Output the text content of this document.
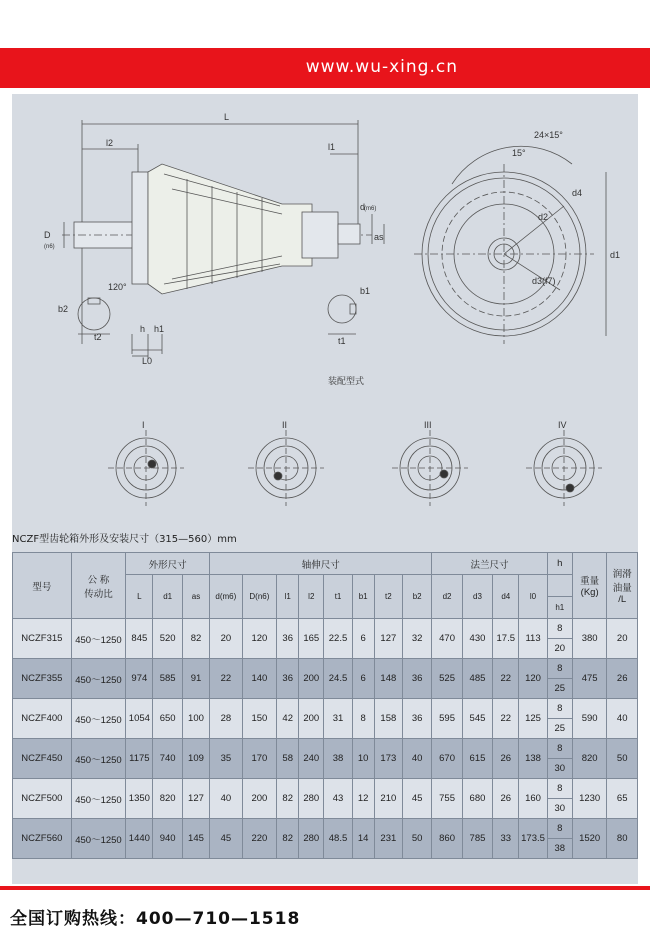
www.wu-xing.cn
L
l2	l1
D
(n6)
d
(m6)
as
b2
t2
120°
h h1
L0
b1
t1
24×15°
15°
d4
d2
d3(f7)
d1
装配型式
I	II	III	IV
NCZF型齿轮箱外形及安装尺寸（315—560）mm
型号	公 称
传动比	外形尺寸			轴伸尺寸								法兰尺寸				h	重量
(Kg)	润滑
油量
/L
		L	d1	as	d(m6)	D(n6)	l1	l2	t1	b1	t2	b2	d2	d3	d4	l0			
																	h1		
NCZF315	450～1250	845	520	82	20	120	36	165	22.5	6	127	32	470	430	17.5	113	8	380	20
																	20		
NCZF355	450～1250	974	585	91	22	140	36	200	24.5	6	148	36	525	485	22	120	8	475	26
																	25		
NCZF400	450～1250	1054	650	100	28	150	42	200	31	8	158	36	595	545	22	125	8	590	40
																	25		
NCZF450	450～1250	1175	740	109	35	170	58	240	38	10	173	40	670	615	26	138	8	820	50
																	30		
NCZF500	450～1250	1350	820	127	40	200	82	280	43	12	210	45	755	680	26	160	8	1230	65
																	30		
NCZF560	450～1250	1440	940	145	45	220	82	280	48.5	14	231	50	860	785	33	173.5	8	1520	80
																	38		
全国订购热线：400—710—1518
